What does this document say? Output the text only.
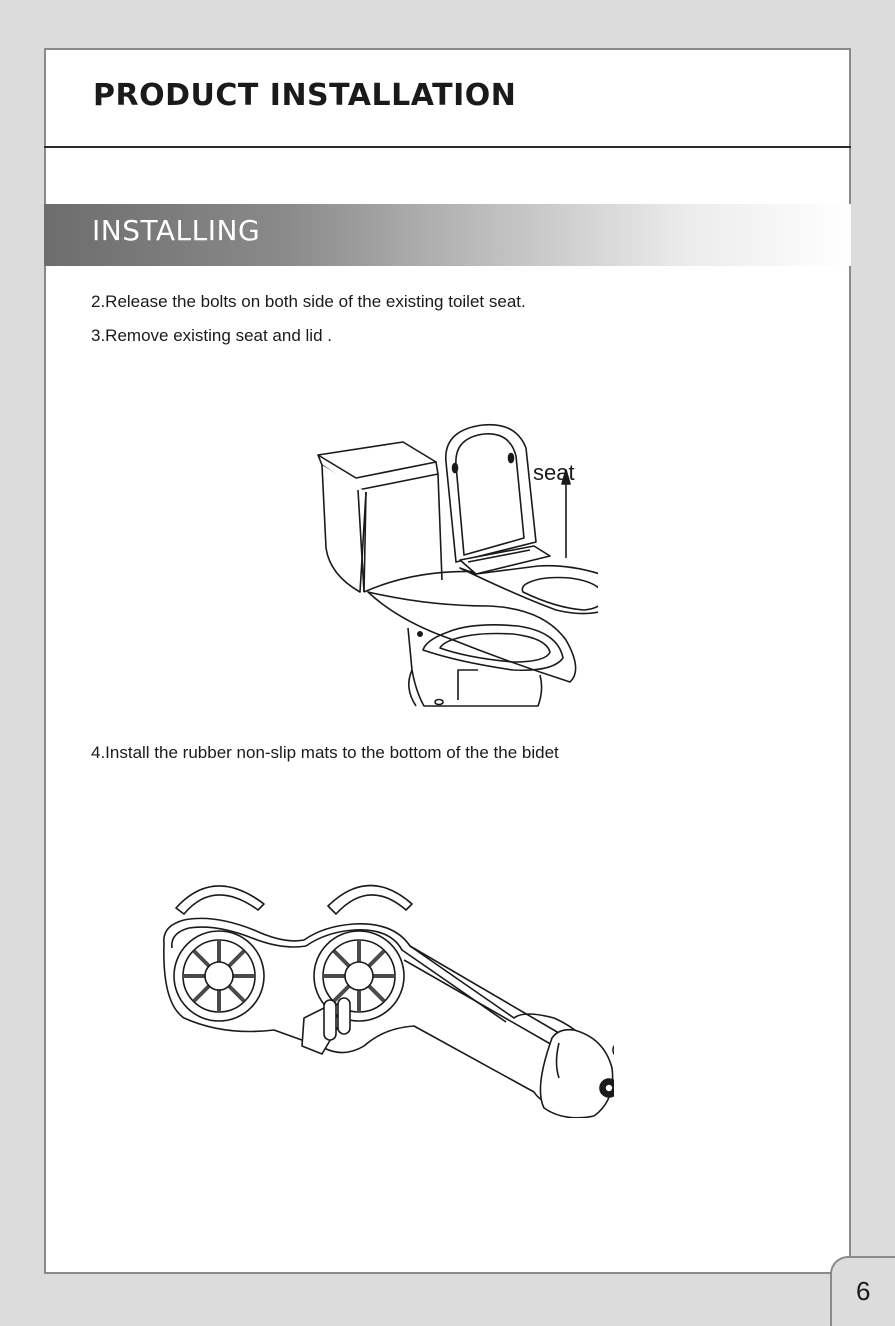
PRODUCT INSTALLATION
INSTALLING

2.Release the bolts on both side of the existing toilet seat.

3.Remove existing seat and lid .

seat

4.Install the rubber non-slip mats to the bottom of the the bidet

6
